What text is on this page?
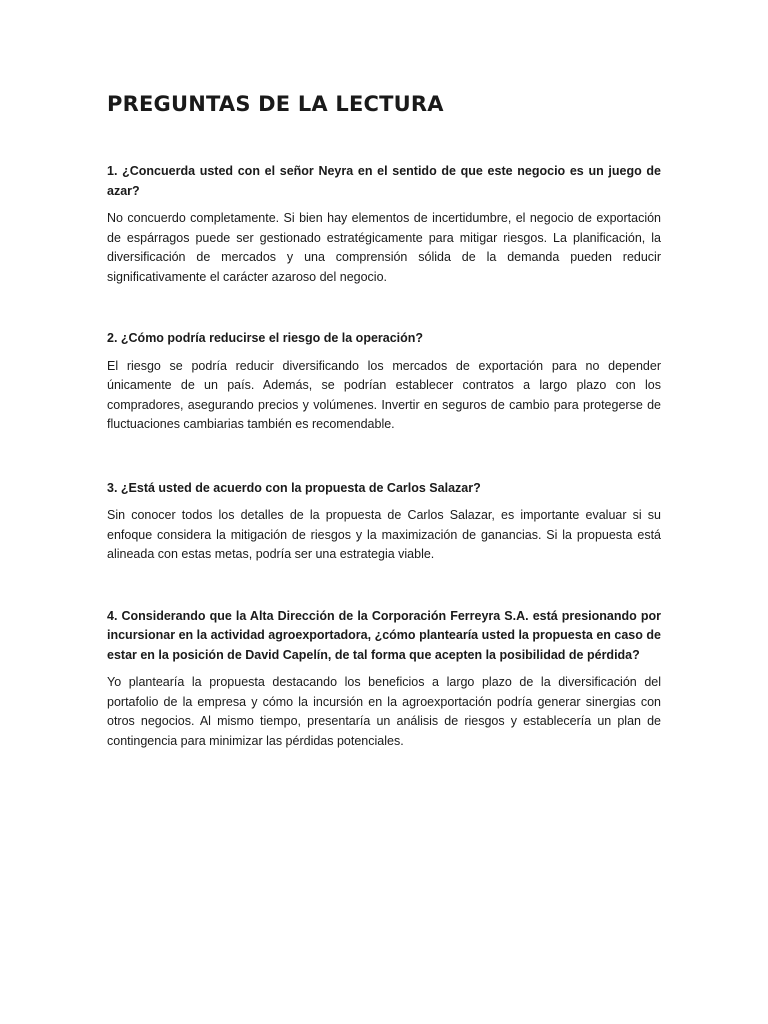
PREGUNTAS DE LA LECTURA

1. ¿Concuerda usted con el señor Neyra en el sentido de que este negocio es un juego de azar?

No concuerdo completamente. Si bien hay elementos de incertidumbre, el negocio de exportación de espárragos puede ser gestionado estratégicamente para mitigar riesgos. La planificación, la diversificación de mercados y una comprensión sólida de la demanda pueden reducir significativamente el carácter azaroso del negocio.

2. ¿Cómo podría reducirse el riesgo de la operación?

El riesgo se podría reducir diversificando los mercados de exportación para no depender únicamente de un país. Además, se podrían establecer contratos a largo plazo con los compradores, asegurando precios y volúmenes. Invertir en seguros de cambio para protegerse de fluctuaciones cambiarias también es recomendable.

3. ¿Está usted de acuerdo con la propuesta de Carlos Salazar?

Sin conocer todos los detalles de la propuesta de Carlos Salazar, es importante evaluar si su enfoque considera la mitigación de riesgos y la maximización de ganancias. Si la propuesta está alineada con estas metas, podría ser una estrategia viable.

4. Considerando que la Alta Dirección de la Corporación Ferreyra S.A. está presionando por incursionar en la actividad agroexportadora, ¿cómo plantearía usted la propuesta en caso de estar en la posición de David Capelín, de tal forma que acepten la posibilidad de pérdida?

Yo plantearía la propuesta destacando los beneficios a largo plazo de la diversificación del portafolio de la empresa y cómo la incursión en la agroexportación podría generar sinergias con otros negocios. Al mismo tiempo, presentaría un análisis de riesgos y establecería un plan de contingencia para minimizar las pérdidas potenciales.
